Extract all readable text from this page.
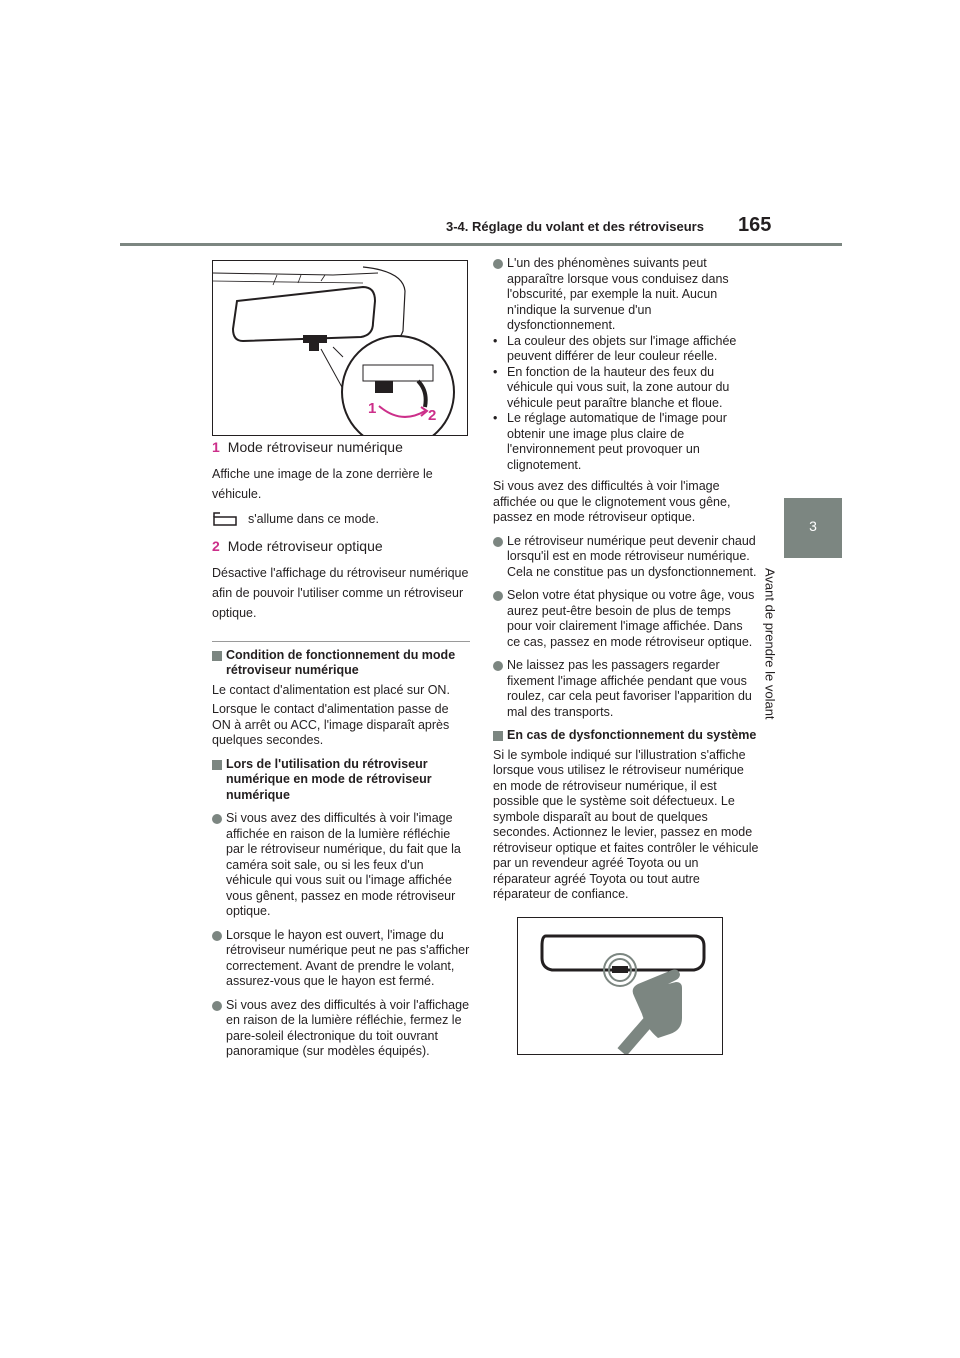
3-4. Réglage du volant et des rétroviseurs 165
3
Avant de prendre le volant
1	2
1 Mode rétroviseur numérique
Affiche une image de la zone derrière le véhicule.
s'allume dans ce mode.
2 Mode rétroviseur optique
Désactive l'affichage du rétroviseur numérique afin de pouvoir l'utiliser comme un rétroviseur optique.
Condition de fonctionnement du mode rétroviseur numérique
Le contact d'alimentation est placé sur ON.
Lorsque le contact d'alimentation passe de ON à arrêt ou ACC, l'image disparaît après quelques secondes.
Lors de l'utilisation du rétroviseur numérique en mode de rétroviseur numérique
Si vous avez des difficultés à voir l'image affichée en raison de la lumière réfléchie par le rétroviseur numérique, du fait que la caméra soit sale, ou si les feux d'un véhicule qui vous suit ou l'image affichée vous gênent, passez en mode rétroviseur optique.
Lorsque le hayon est ouvert, l'image du rétroviseur numérique peut ne pas s'afficher correctement. Avant de prendre le volant, assurez-vous que le hayon est fermé.
Si vous avez des difficultés à voir l'affichage en raison de la lumière réfléchie, fermez le pare-soleil électronique du toit ouvrant panoramique (sur modèles équipés).
L'un des phénomènes suivants peut apparaître lorsque vous conduisez dans l'obscurité, par exemple la nuit. Aucun n'indique la survenue d'un dysfonctionnement.
• La couleur des objets sur l'image affichée peuvent différer de leur couleur réelle.
• En fonction de la hauteur des feux du véhicule qui vous suit, la zone autour du véhicule peut paraître blanche et floue.
• Le réglage automatique de l'image pour obtenir une image plus claire de l'environnement peut provoquer un clignotement.
Si vous avez des difficultés à voir l'image affichée ou que le clignotement vous gêne, passez en mode rétroviseur optique.
Le rétroviseur numérique peut devenir chaud lorsqu'il est en mode rétroviseur numérique.
Cela ne constitue pas un dysfonctionnement.
Selon votre état physique ou votre âge, vous aurez peut-être besoin de plus de temps pour voir clairement l'image affichée. Dans ce cas, passez en mode rétroviseur optique.
Ne laissez pas les passagers regarder fixement l'image affichée pendant que vous roulez, car cela peut favoriser l'apparition du mal des transports.
En cas de dysfonctionnement du système
Si le symbole indiqué sur l'illustration s'affiche lorsque vous utilisez le rétroviseur numérique en mode de rétroviseur numérique, il est possible que le système soit défectueux. Le symbole disparaît au bout de quelques secondes. Actionnez le levier, passez en mode rétroviseur optique et faites contrôler le véhicule par un revendeur agréé Toyota ou un réparateur agréé Toyota ou tout autre réparateur de confiance.
